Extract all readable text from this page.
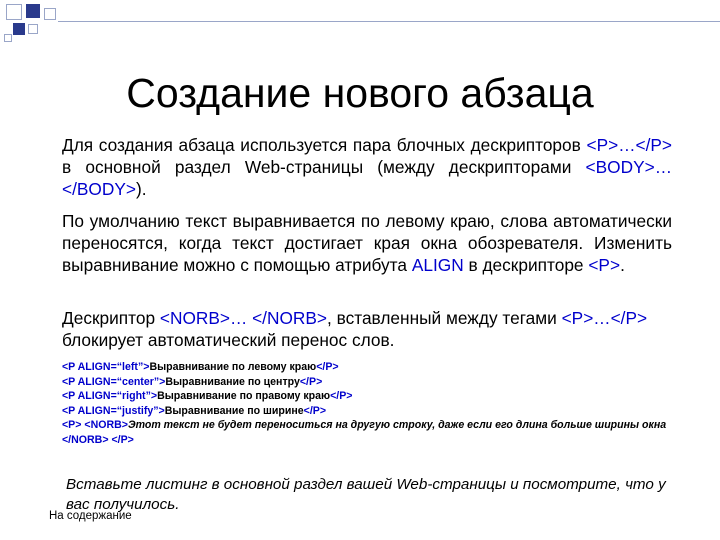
Создание нового абзаца
Для создания абзаца используется пара блочных дескрипторов <P>…</P> в основной раздел Web-страницы (между дескрипторами <BODY>… </BODY>).
По умолчанию текст выравнивается по левому краю, слова автоматически переносятся, когда текст достигает края окна обозревателя. Изменить выравнивание можно с помощью атрибута ALIGN в дескрипторе <P>.
Дескриптор <NORB>… </NORB>, вставленный между тегами <P>…</P> блокирует автоматический перенос слов.
<P ALIGN=“left”>Выравнивание по левому краю</P>
<P ALIGN=“center”>Выравнивание по центру</P>
<P ALIGN=“right”>Выравнивание по правому краю</P>
<P ALIGN=“justify”>Выравнивание по ширине</P>
<P> <NORB>Этот текст не будет переноситься на другую строку, даже если его длина больше ширины окна </NORB> </P>
Вставьте листинг в основной раздел вашей Web-страницы и посмотрите, что у вас получилось.
На содержание
